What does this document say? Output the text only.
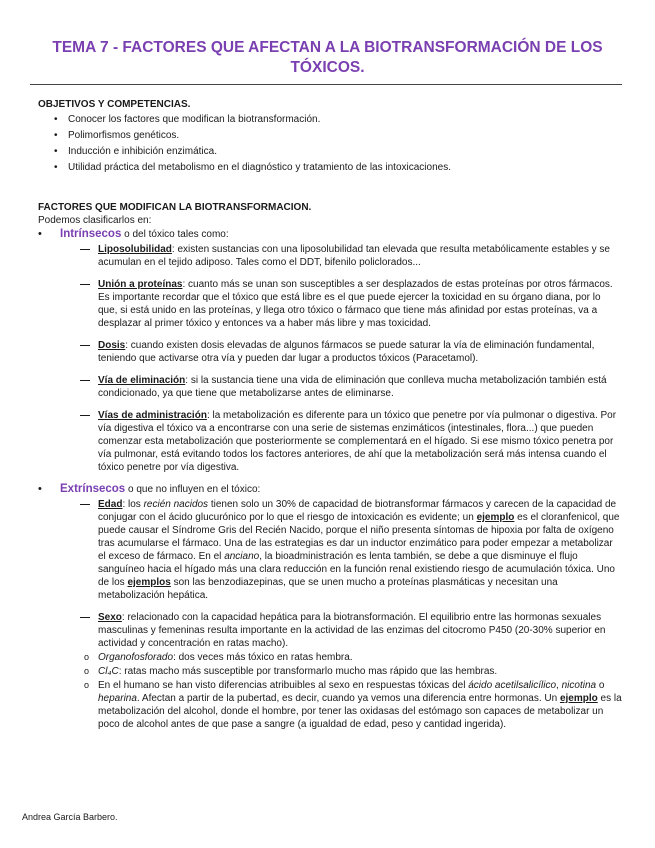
TEMA 7 - FACTORES QUE AFECTAN A LA BIOTRANSFORMACIÓN DE LOS TÓXICOS.

OBJETIVOS Y COMPETENCIAS.

• Conocer los factores que modifican la biotransformación.
• Polimorfismos genéticos.
• Inducción e inhibición enzimática.
• Utilidad práctica del metabolismo en el diagnóstico y tratamiento de las intoxicaciones.

FACTORES QUE MODIFICAN LA BIOTRANSFORMACION.

Podemos clasificarlos en:
• Intrínsecos o del tóxico tales como:
— Liposolubilidad: existen sustancias con una liposolubilidad tan elevada que resulta metabólicamente estables y se acumulan en el tejido adiposo. Tales como el DDT, bifenilo policlorados...
— Unión a proteínas: cuanto más se unan son susceptibles a ser desplazados de estas proteínas por otros fármacos. Es importante recordar que el tóxico que está libre es el que puede ejercer la toxicidad en su órgano diana, por lo que, si está unido en las proteínas, y llega otro tóxico o fármaco que tiene más afinidad por estas proteínas, va a desplazar al primer tóxico y entonces va a haber más libre y mas toxicidad.
— Dosis: cuando existen dosis elevadas de algunos fármacos se puede saturar la vía de eliminación fundamental, teniendo que activarse otra vía y pueden dar lugar a productos tóxicos (Paracetamol).
— Vía de eliminación: si la sustancia tiene una vida de eliminación que conlleva mucha metabolización también está condicionado, ya que tiene que metabolizarse antes de eliminarse.
— Vías de administración: la metabolización es diferente para un tóxico que penetre por vía pulmonar o digestiva. Por vía digestiva el tóxico va a encontrarse con una serie de sistemas enzimáticos (intestinales, flora...) que pueden comenzar esta metabolización que posteriormente se complementará en el hígado. Si ese mismo tóxico penetra por vía pulmonar, está evitando todos los factores anteriores, de ahí que la metabolización será más intensa cuando el tóxico penetre por vía digestiva.
• Extrínsecos o que no influyen en el tóxico:
— Edad: los recién nacidos tienen solo un 30% de capacidad de biotransformar fármacos y carecen de la capacidad de conjugar con el ácido glucurónico por lo que el riesgo de intoxicación es evidente; un ejemplo es el cloranfenicol, que puede causar el Síndrome Gris del Recién Nacido, porque el niño presenta síntomas de hipoxia por falta de oxígeno tras acumularse el fármaco. Una de las estrategias es dar un inductor enzimático para poder empezar a metabolizar el exceso de fármaco. En el anciano, la bioadministración es lenta también, se debe a que disminuye el flujo sanguíneo hacia el hígado más una clara reducción en la función renal existiendo riesgo de acumulación tóxica. Uno de los ejemplos son las benzodiazepinas, que se unen mucho a proteínas plasmáticas y necesitan una metabolización hepática.
— Sexo: relacionado con la capacidad hepática para la biotransformación. El equilibrio entre las hormonas sexuales masculinas y femeninas resulta importante en la actividad de las enzimas del citocromo P450 (20-30% superior en actividad y concentración en ratas macho).
o Organofosforado: dos veces más tóxico en ratas hembra.
o Cl₄C: ratas macho más susceptible por transformarlo mucho mas rápido que las hembras.
o En el humano se han visto diferencias atribuibles al sexo en respuestas tóxicas del ácido acetilsalicílico, nicotina o heparina. Afectan a partir de la pubertad, es decir, cuando ya vemos una diferencia entre hormonas. Un ejemplo es la metabolización del alcohol, donde el hombre, por tener las oxidasas del estómago son capaces de metabolizar un poco de alcohol antes de que pase a sangre (a igualdad de edad, peso y cantidad ingerida).
Andrea García Barbero.
